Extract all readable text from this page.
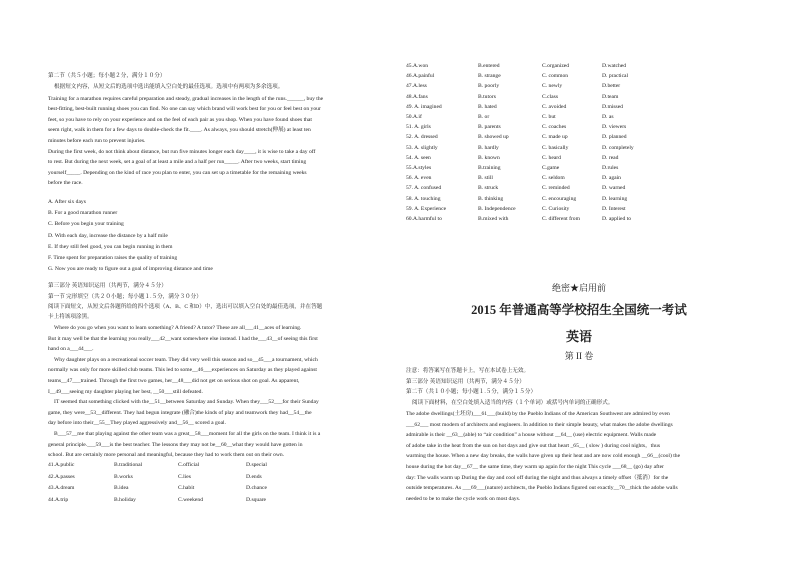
第二节（共５小题；每小题２分，满分１０分）
根据短文内容，从短文后的选项中选出能填入空白处的最佳选项。选项中有两项为多余选项。
Training for a marathon requires careful preparation and steady, gradual increases in the length of the runs.______, buy the
best-fitting, best-built running shoes you can find. No one can say which brand will work best for you or feel best on your
feet, so you have to rely on your experience and on the feel of each pair as you shop. When you have found shoes that
seem right, walk in them for a few days to double-check the fit.____. As always, you should stretch(伸展) at least ten
minutes before each run to prevent injuries.
During the first week, do not think about distance, but run five minutes longer each day____, it is wise to take a day off
to rest. But during the next week, set a goal of at least a mile and a half per run_____. After two weeks, start timing
yourself_____. Depending on the kind of race you plan to enter, you can set up a timetable for the remaining weeks
before the race.
A. After six days
B. For a good marathon runner
C. Before you begin your training
D. With each day, increase the distance by a half mile
E. If they still feel good, you can begin running in them
F. Time spent for preparation raises the quality of training
G. Now you are ready to figure out a goal of improving distance and time
第三部分 英语知识运用（共两节，满分４５分）
第一节 完形填空（共２０小题；每小题１.５分，满分３０分）
阅读下面短文，从短文后各题所给的四个选项（A、B、C 和D）中，选出可以填入空白处的最佳选项，并在答题
卡上将该项涂黑。
Where do you go when you want to learn something? A friend? A tutor? These are all___41__aces of learning.
But it may well be that the learning you really___42__want somewhere else instead. I had the___43__of seeing this first
hand on a___44___.
Why daughter plays on a recreational soccer team. They did very well this season and so__45___a tournament, which
normally was only for more skilled club teams. This led to some__46___experiences on Saturday as they played against
teams__47___trained. Through the first two games, her__48___did not get on serious shot on goal. As apparent,
I__49___seeing my daughter playing her best, __50___still defeated.
IT seemed that something clicked with the__51__between Saturday and Sunday. When they___52___for their Sunday
game, they were__53__different. They had begun integrate (融合)the kinds of play and teamwork they had__54__the
day before into their__55__They played aggressively and__56__ scored a goal.
B___57__me that playing against the other team was a great__58___moment for all the girls on the team. I think it is a
general principle.___59___is the best teacher. The lessons they may not be__60__what they would have gotten in
school. But are certainly more personal and meaningful, because they had to work them out on their own.
41.A.public	B.traditional	C.official	D.special
42.A.passes	B.works	C.lies	D.ends
43.A.dream	B.idea	C.habit	D.chance
44.A.trip	B.holiday	C.weekend	D.square
45.A.won	B.entered	C.organized	D.watched
46.A.painful	B. strange	C. common	D. practical
47.A.less	B. poorly	C. newly	D.better
48.A.fans	B.tutors	C.class	D.team
49. A. imagined	B. hated	C. avoided	D.missed
50.A.if	B. or	C. but	D. as
51. A. girls	B. parents	C. coaches	D. viewers
52. A. dressed	B. showed up	C. made up	D. planned
53. A. slightly	B. hardly	C. basically	D. completely
54. A. seen	B. known	C. heard	D. read
55.A.styles	B.training	C.game	D.rules
56. A. even	B. still	C. seldom	D. again
57. A. confused	B. struck	C. reminded	D. warned
58. A. touching	B. thinking	C. encouraging	D. learning
59. A. Experience	B. Independence	C. Curiosity	D. Interest
60.A.harmful to	B.mixed with	C. different from	D. applied to
绝密★启用前
2015 年普通高等学校招生全国统一考试
英语
第 II 卷
注意：将答案写在答题卡上，写在本试卷上无效。
第三部分 英语知识运用（共两节，满分４５分）
第二节（共１０小题；每小题１.５分，满分１５分）
阅读下面材料，在空白处填入适当的内容（１个单词）或括号内单词的正确形式。
The adobe dwellings(土坯房)___61___(build) by the Pueblo Indians of the American Southwest are admired by even
___62___ most modern of architects and engineers. In addition to their simple beauty, what makes the adobe dwellings
admirable is their __63__(able) to “air condition” a house without __64__ (use) electric equipment. Walls made
of adobe take in the heat from the sun on hot days and give out that heart _65__ ( slow ) during cool nights，thus
warming the house. When a new day breaks, the walls have given up their heat and are now cold enough __66__(cool) the
house during the hot day__67__ the same time, they warm up again for the night This cycle ___68__ (go) day after
day: The walls warm up During the day and cool off during the night and thus always a timely offset（抵消）for the
outside temperatures. As ___69___(nature) architects, the Pueblo Indians figured out exactly__70__thick the adobe walls
needed to be to make the cycle work on most days.
